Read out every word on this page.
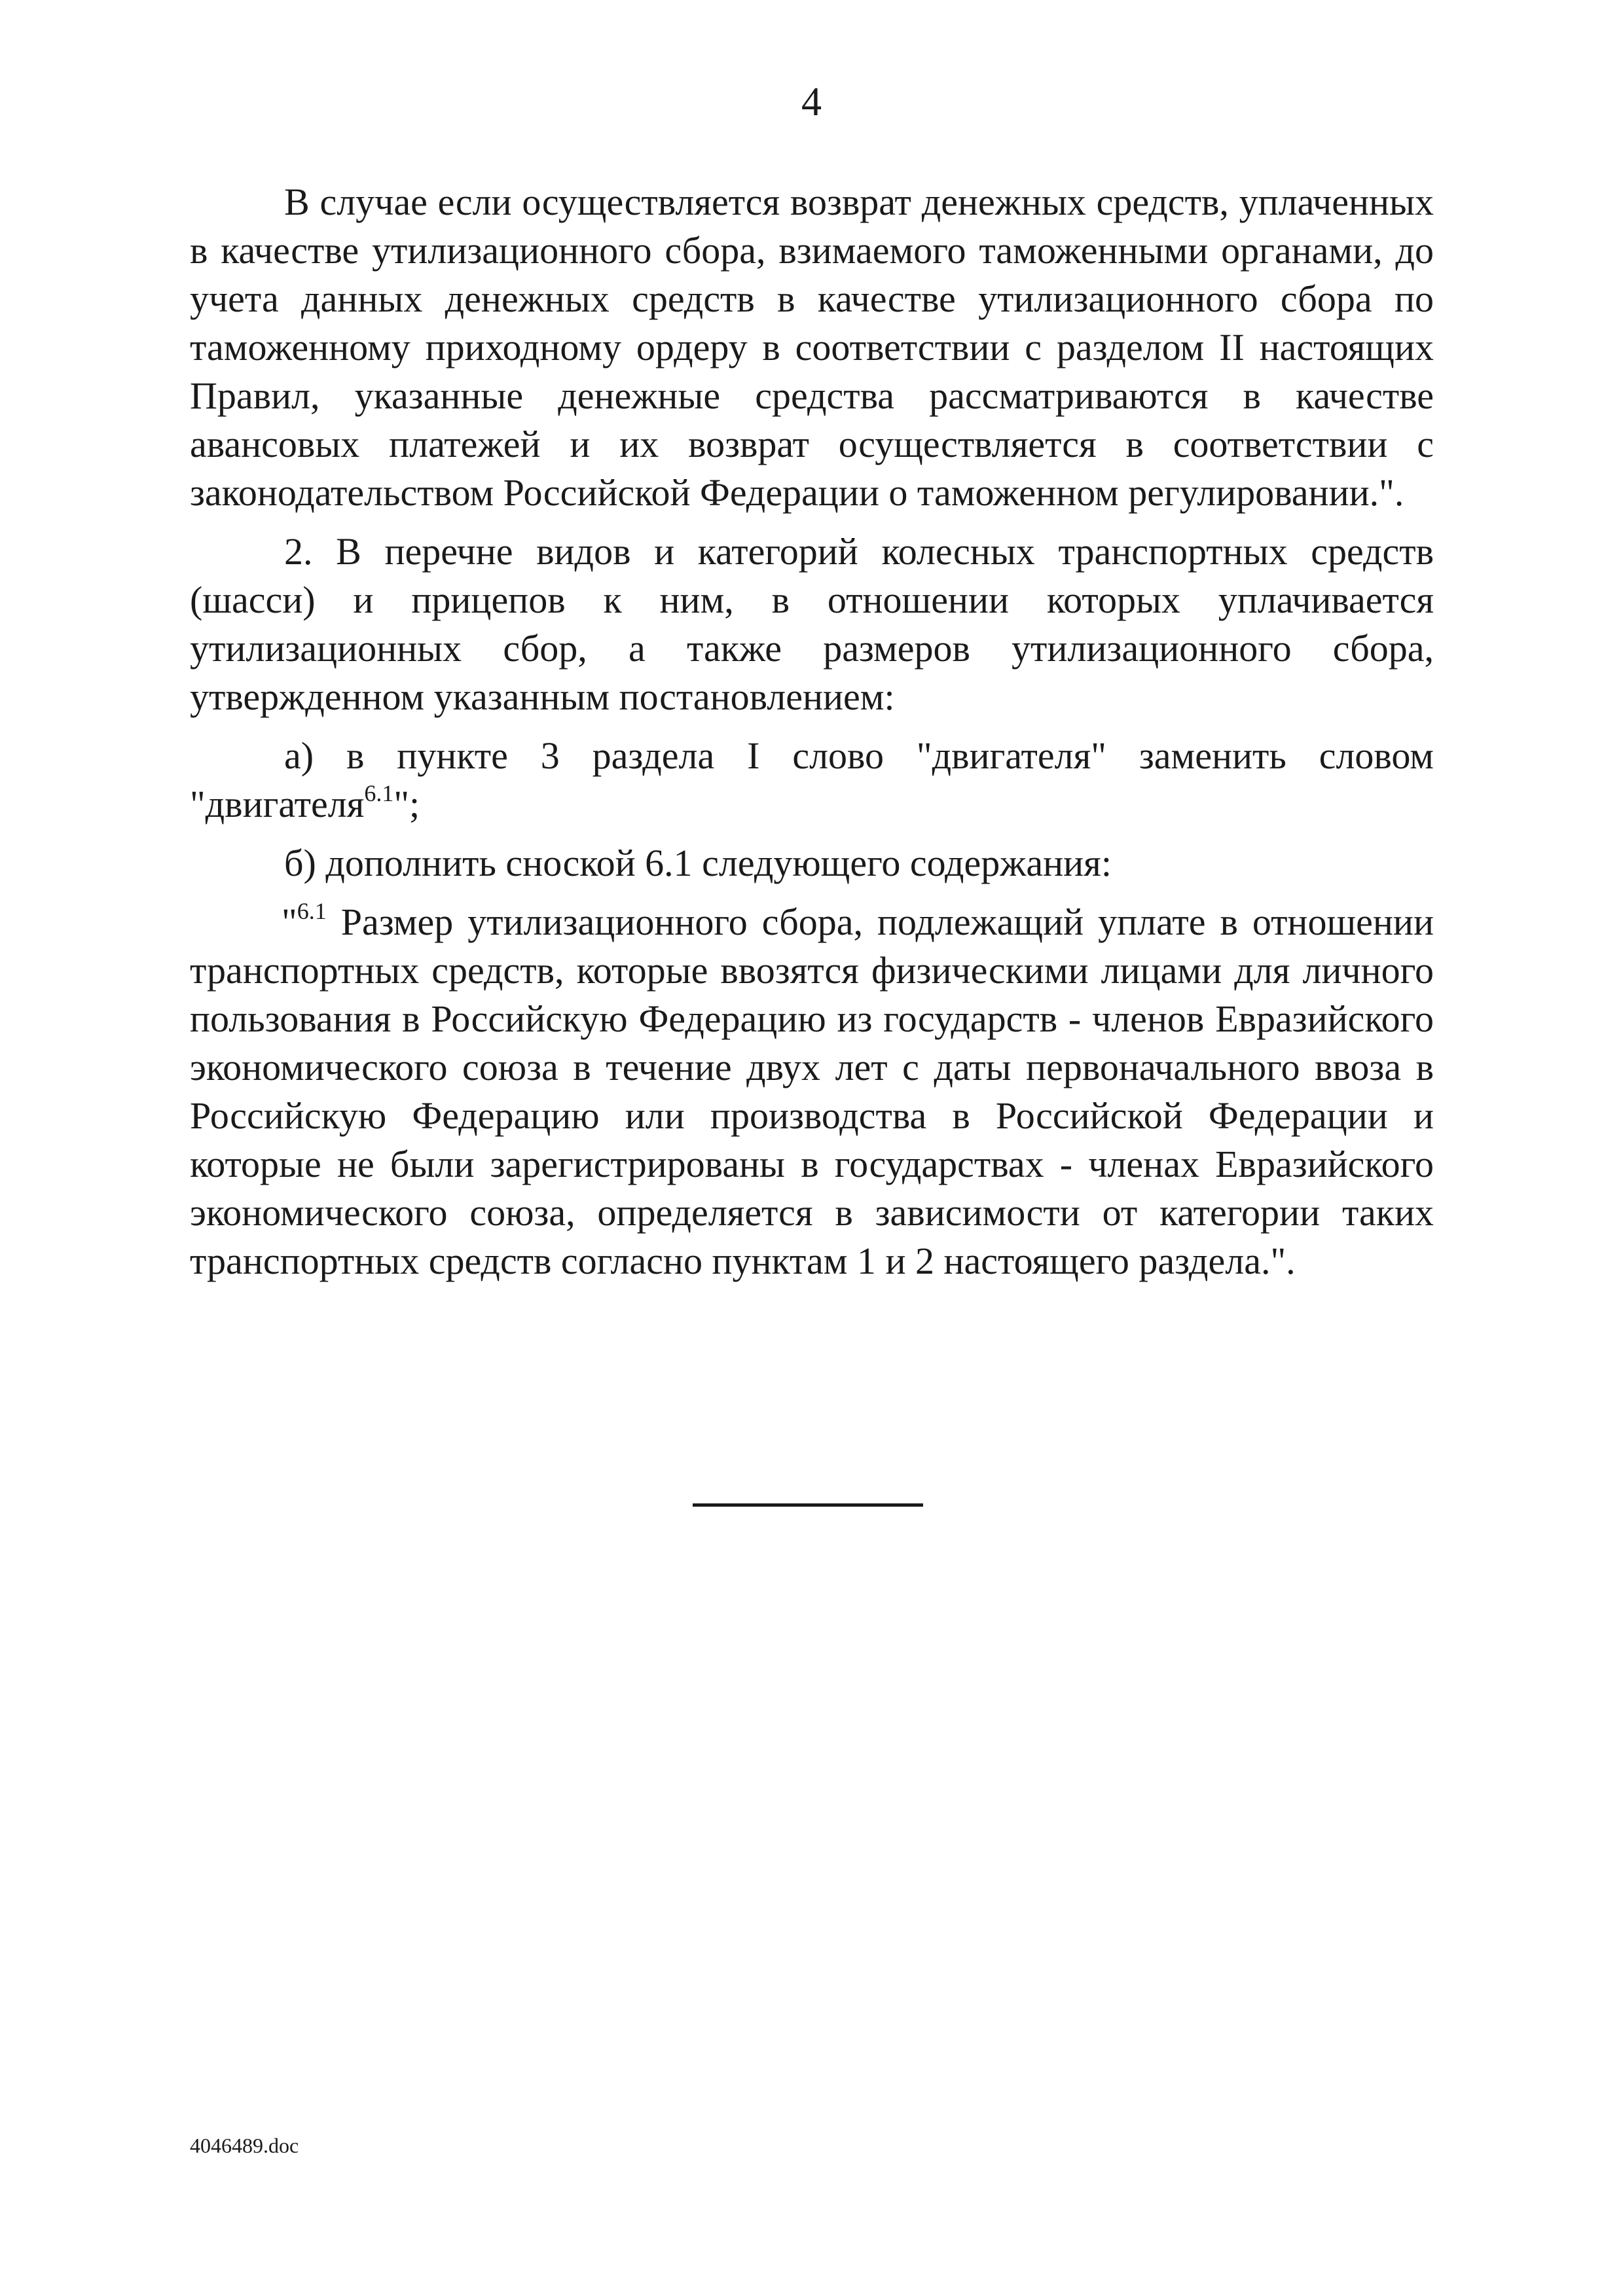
4

В случае если осуществляется возврат денежных средств, уплаченных в качестве утилизационного сбора, взимаемого таможенными органами, до учета данных денежных средств в качестве утилизационного сбора по таможенному приходному ордеру в соответствии с разделом II настоящих Правил, указанные денежные средства рассматриваются в качестве авансовых платежей и их возврат осуществляется в соответствии с законодательством Российской Федерации о таможенном регулировании.".

2. В перечне видов и категорий колесных транспортных средств (шасси) и прицепов к ним, в отношении которых уплачивается утилизационных сбор, а также размеров утилизационного сбора, утвержденном указанным постановлением:

а) в пункте 3 раздела I слово "двигателя" заменить словом "двигателя$^{6.1}$";

б) дополнить сноской 6.1 следующего содержания:

"$^{6.1}$ Размер утилизационного сбора, подлежащий уплате в отношении транспортных средств, которые ввозятся физическими лицами для личного пользования в Российскую Федерацию из государств - членов Евразийского экономического союза в течение двух лет с даты первоначального ввоза в Российскую Федерацию или производства в Российской Федерации и которые не были зарегистрированы в государствах - членах Евразийского экономического союза, определяется в зависимости от категории таких транспортных средств согласно пунктам 1 и 2 настоящего раздела.".

4046489.doc
